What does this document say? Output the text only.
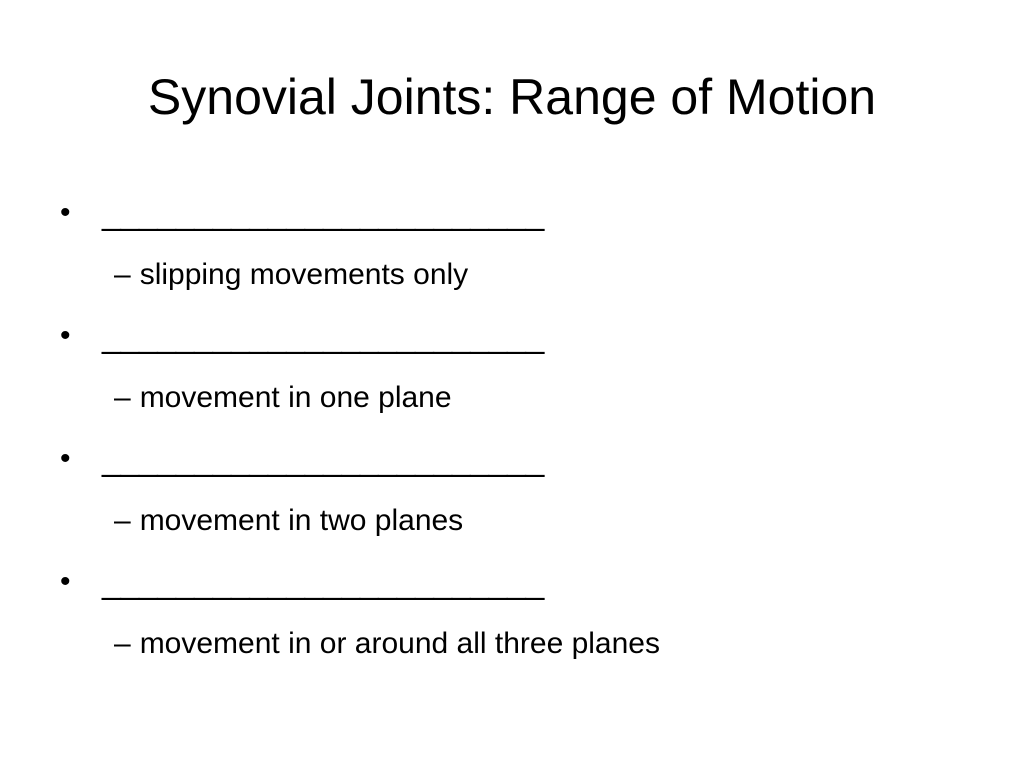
Synovial Joints: Range of Motion
• ________________________
– slipping movements only
• ________________________
– movement in one plane
• ________________________
– movement in two planes
• ________________________
– movement in or around all three planes
